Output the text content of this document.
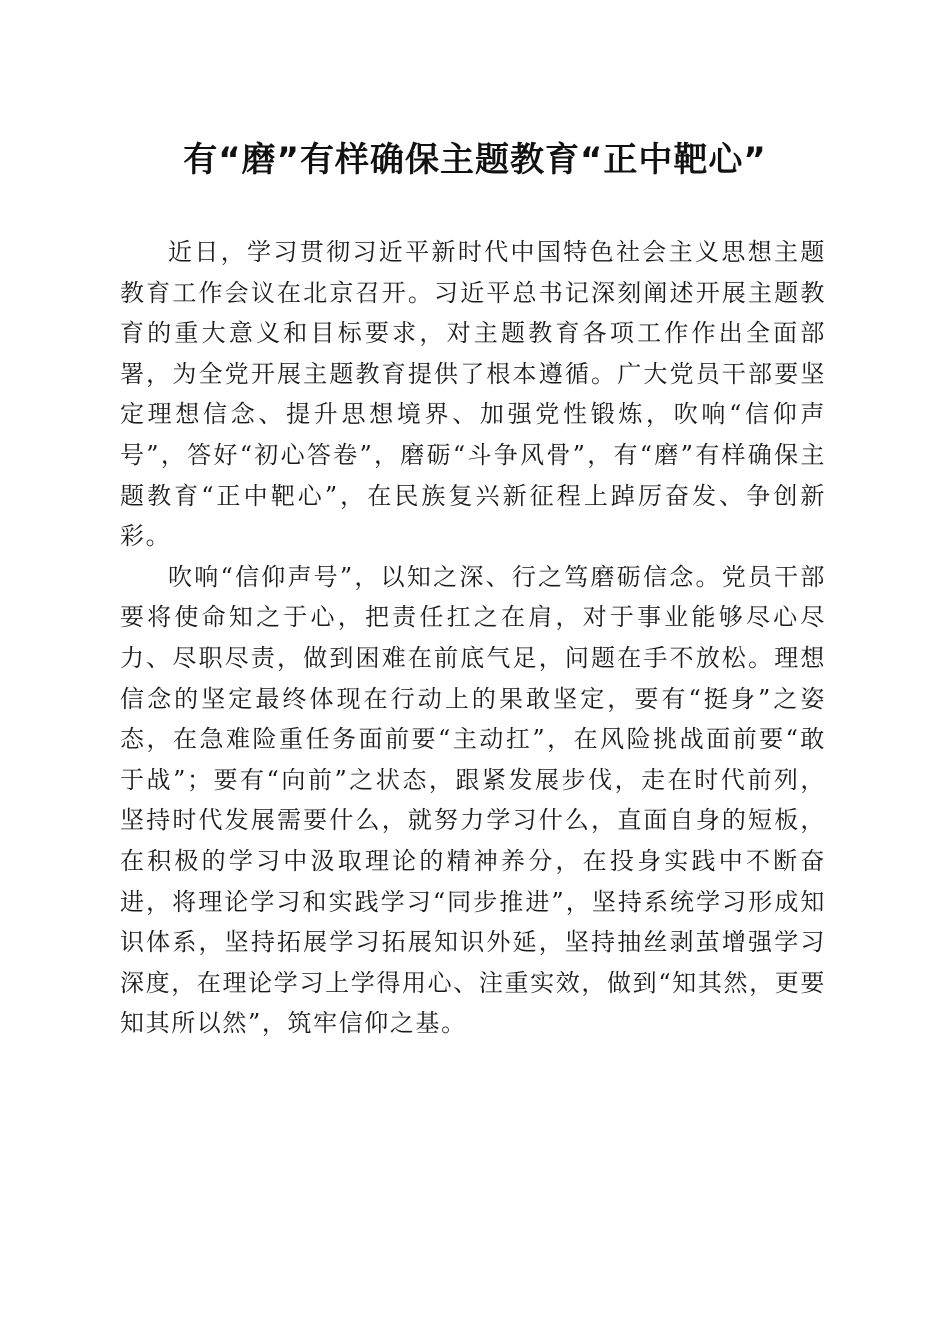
有“磨”有样确保主题教育“正中靶心”

近日，学习贯彻习近平新时代中国特色社会主义思想主题教育工作会议在北京召开。习近平总书记深刻阐述开展主题教育的重大意义和目标要求，对主题教育各项工作作出全面部署，为全党开展主题教育提供了根本遵循。广大党员干部要坚定理想信念、提升思想境界、加强党性锻炼，吹响“信仰声号”，答好“初心答卷”，磨砺“斗争风骨”，有“磨”有样确保主题教育“正中靶心”，在民族复兴新征程上踔厉奋发、争创新彩。

吹响“信仰声号”，以知之深、行之笃磨砺信念。党员干部要将使命知之于心，把责任扛之在肩，对于事业能够尽心尽力、尽职尽责，做到困难在前底气足，问题在手不放松。理想信念的坚定最终体现在行动上的果敢坚定，要有“挺身”之姿态，在急难险重任务面前要“主动扛”，在风险挑战面前要“敢于战”；要有“向前”之状态，跟紧发展步伐，走在时代前列，坚持时代发展需要什么，就努力学习什么，直面自身的短板，在积极的学习中汲取理论的精神养分，在投身实践中不断奋进，将理论学习和实践学习“同步推进”，坚持系统学习形成知识体系，坚持拓展学习拓展知识外延，坚持抽丝剥茧增强学习深度，在理论学习上学得用心、注重实效，做到“知其然，更要知其所以然”，筑牢信仰之基。
